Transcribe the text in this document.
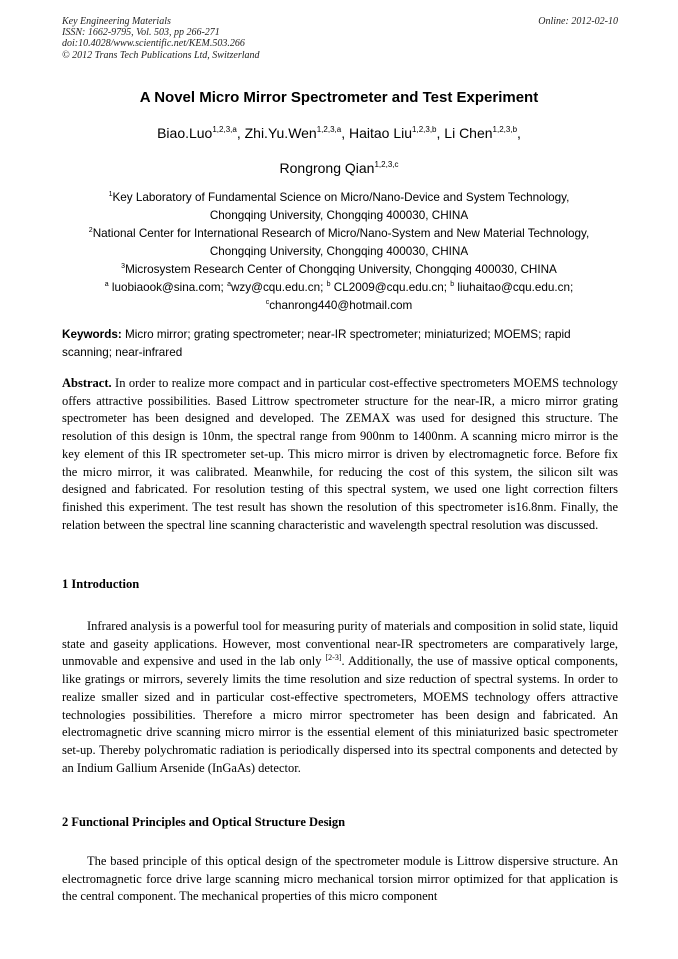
Key Engineering Materials
ISSN: 1662-9795, Vol. 503, pp 266-271
doi:10.4028/www.scientific.net/KEM.503.266
© 2012 Trans Tech Publications Ltd, Switzerland
Online: 2012-02-10
A Novel Micro Mirror Spectrometer and Test Experiment
Biao.Luo$^{1,2,3,a}$, Zhi.Yu.Wen$^{1,2,3,a}$, Haitao Liu$^{1,2,3,b}$, Li Chen$^{1,2,3,b}$,
Rongrong Qian$^{1,2,3,c}$
$^1$Key Laboratory of Fundamental Science on Micro/Nano-Device and System Technology,
Chongqing University, Chongqing 400030, CHINA
$^2$National Center for International Research of Micro/Nano-System and New Material Technology,
Chongqing University, Chongqing 400030, CHINA
$^3$Microsystem Research Center of Chongqing University, Chongqing 400030, CHINA
$^a$ luobiaook@sina.com; $^a$wzy@cqu.edu.cn; $^b$ CL2009@cqu.edu.cn; $^b$ liuhaitao@cqu.edu.cn;
$^c$chanrong440@hotmail.com
Keywords: Micro mirror; grating spectrometer; near-IR spectrometer; miniaturized; MOEMS; rapid scanning; near-infrared
Abstract. In order to realize more compact and in particular cost-effective spectrometers MOEMS technology offers attractive possibilities. Based Littrow spectrometer structure for the near-IR, a micro mirror grating spectrometer has been designed and developed. The ZEMAX was used for designed this structure. The resolution of this design is 10nm, the spectral range from 900nm to 1400nm. A scanning micro mirror is the key element of this IR spectrometer set-up. This micro mirror is driven by electromagnetic force. Before fix the micro mirror, it was calibrated. Meanwhile, for reducing the cost of this system, the silicon silt was designed and fabricated. For resolution testing of this spectral system, we used one light correction filters finished this experiment. The test result has shown the resolution of this spectrometer is16.8nm. Finally, the relation between the spectral line scanning characteristic and wavelength spectral resolution was discussed.
1 Introduction
Infrared analysis is a powerful tool for measuring purity of materials and composition in solid state, liquid state and gaseity applications. However, most conventional near-IR spectrometers are comparatively large, unmovable and expensive and used in the lab only [2-3]. Additionally, the use of massive optical components, like gratings or mirrors, severely limits the time resolution and size reduction of spectral systems. In order to realize smaller sized and in particular cost-effective spectrometers, MOEMS technology offers attractive technologies possibilities. Therefore a micro mirror spectrometer has been design and fabricated. An electromagnetic drive scanning micro mirror is the essential element of this miniaturized basic spectrometer set-up. Thereby polychromatic radiation is periodically dispersed into its spectral components and detected by an Indium Gallium Arsenide (InGaAs) detector.
2 Functional Principles and Optical Structure Design
The based principle of this optical design of the spectrometer module is Littrow dispersive structure. An electromagnetic force drive large scanning micro mechanical torsion mirror optimized for that application is the central component. The mechanical properties of this micro component
